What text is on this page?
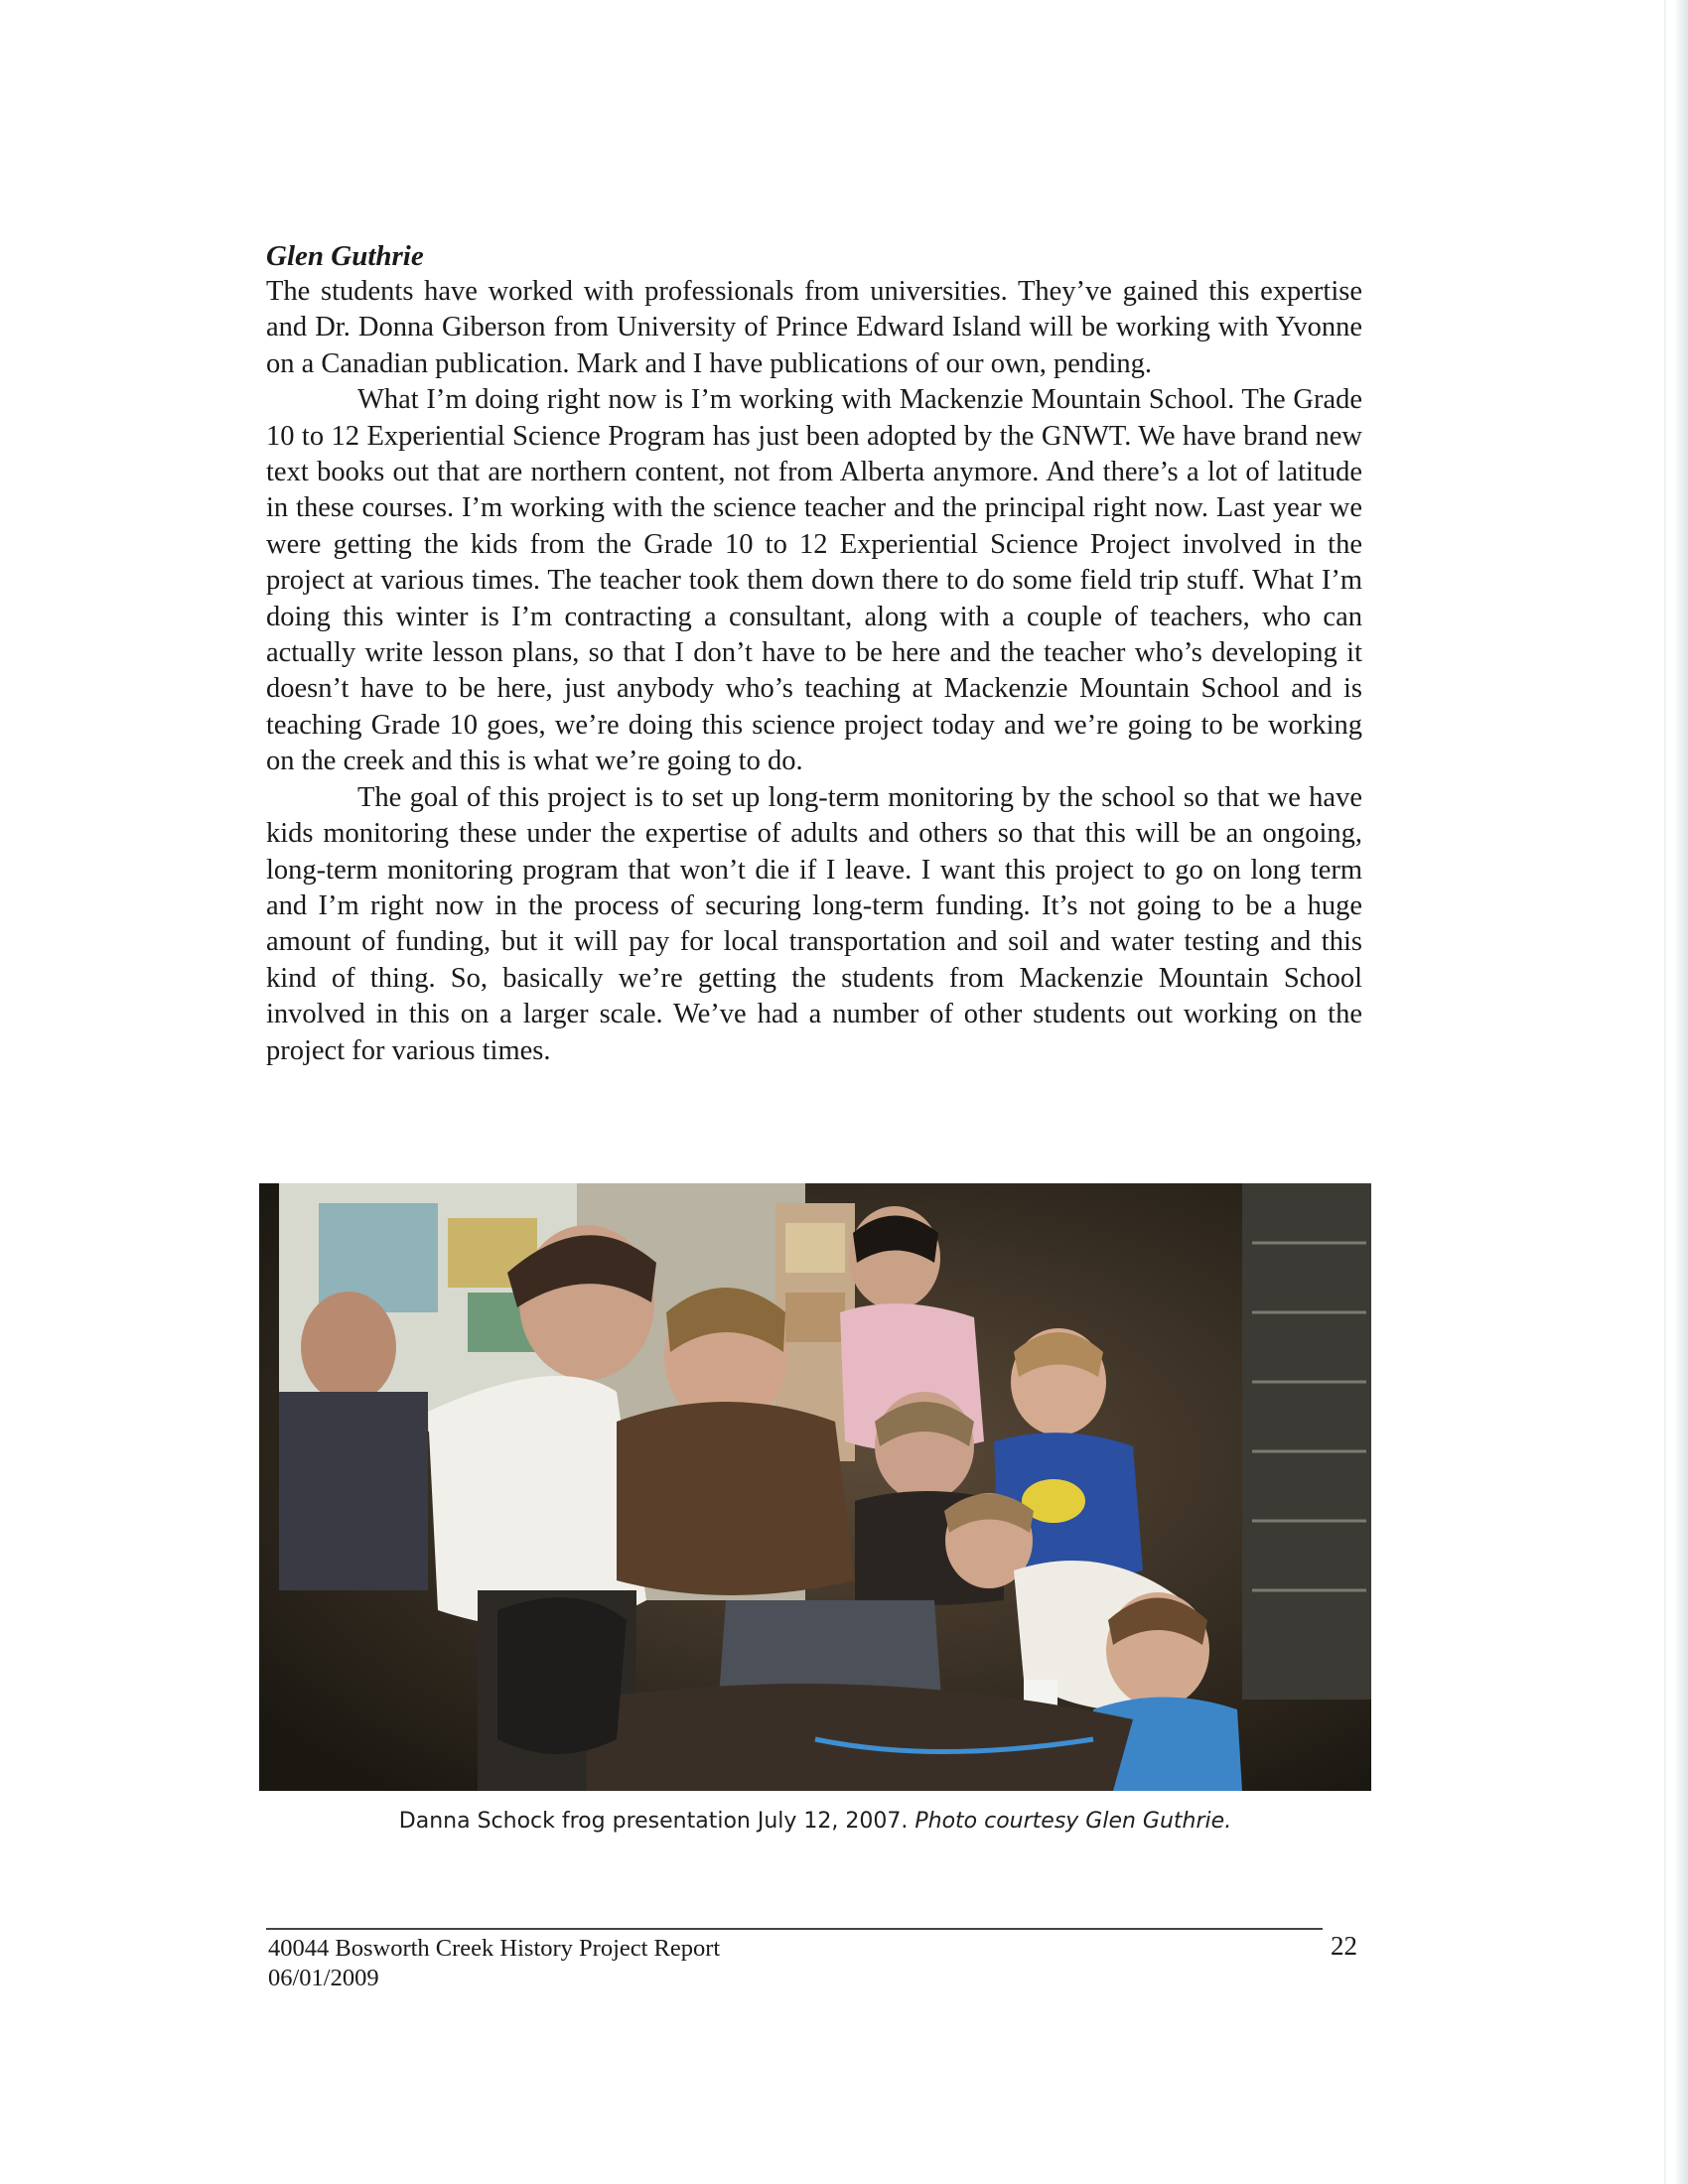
Glen Guthrie

The students have worked with professionals from universities. They’ve gained this expertise and Dr. Donna Giberson from University of Prince Edward Island will be working with Yvonne on a Canadian publication. Mark and I have publications of our own, pending.

What I’m doing right now is I’m working with Mackenzie Mountain School. The Grade 10 to 12 Experiential Science Program has just been adopted by the GNWT. We have brand new text books out that are northern content, not from Alberta anymore. And there’s a lot of latitude in these courses. I’m working with the science teacher and the principal right now. Last year we were getting the kids from the Grade 10 to 12 Experiential Science Project involved in the project at various times. The teacher took them down there to do some field trip stuff. What I’m doing this winter is I’m contracting a consultant, along with a couple of teachers, who can actually write lesson plans, so that I don’t have to be here and the teacher who’s developing it doesn’t have to be here, just anybody who’s teaching at Mackenzie Mountain School and is teaching Grade 10 goes, we’re doing this science project today and we’re going to be working on the creek and this is what we’re going to do.

The goal of this project is to set up long-term monitoring by the school so that we have kids monitoring these under the expertise of adults and others so that this will be an ongoing, long-term monitoring program that won’t die if I leave. I want this project to go on long term and I’m right now in the process of securing long-term funding. It’s not going to be a huge amount of funding, but it will pay for local transportation and soil and water testing and this kind of thing. So, basically we’re getting the students from Mackenzie Mountain School involved in this on a larger scale. We’ve had a number of other students out working on the project for various times.

Danna Schock frog presentation July 12, 2007. Photo courtesy Glen Guthrie.
40044 Bosworth Creek History Project Report
06/01/2009
22
